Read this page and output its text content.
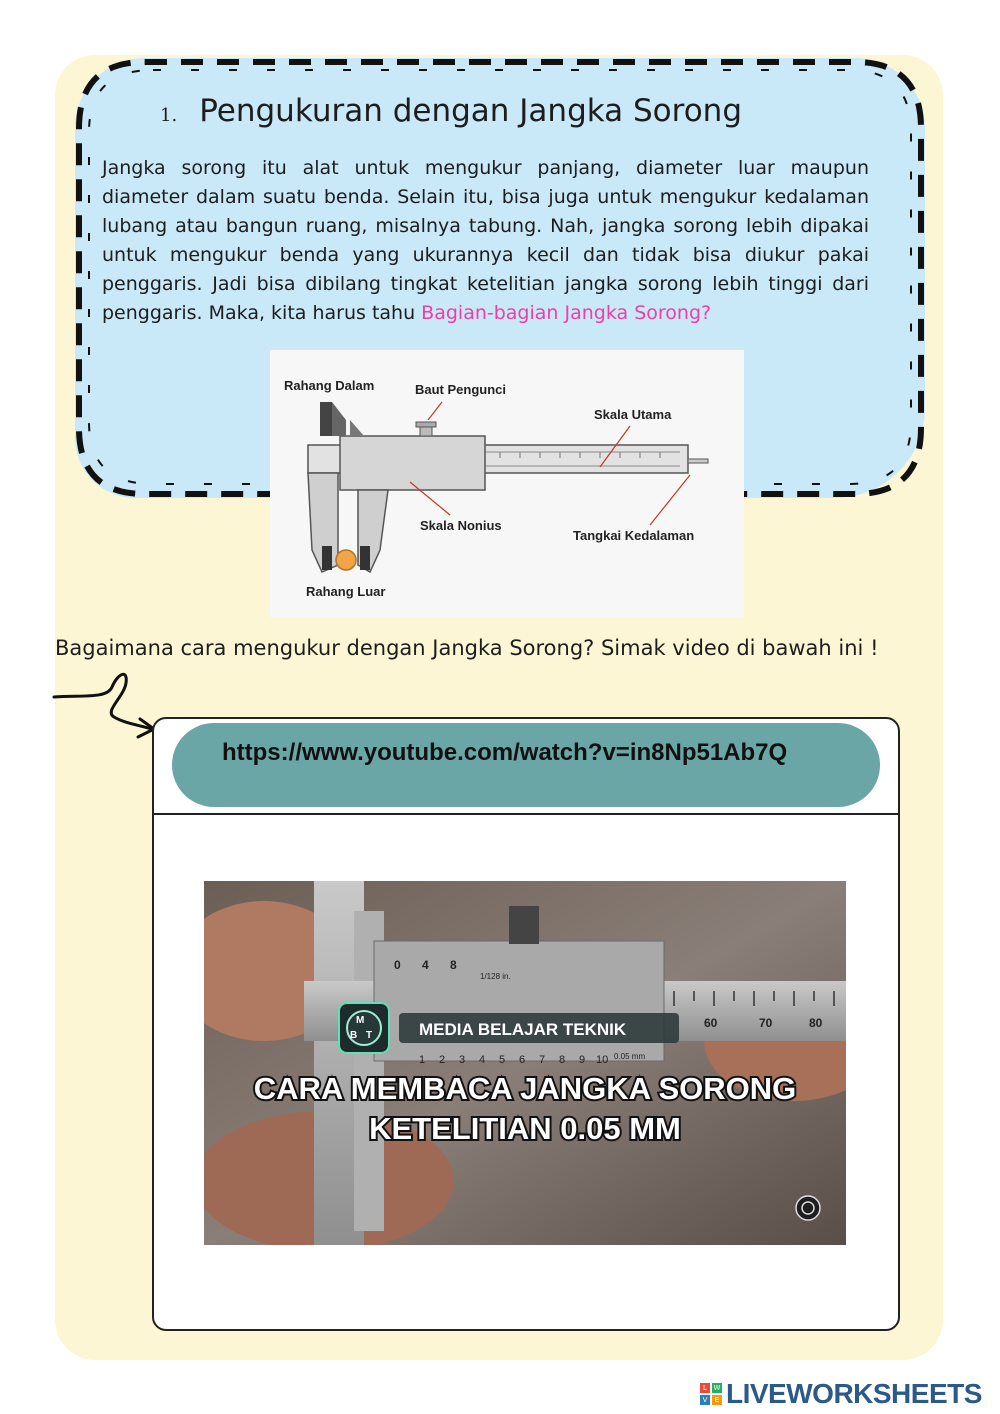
1. Pengukuran dengan Jangka Sorong
Jangka sorong itu alat untuk mengukur panjang, diameter luar maupun diameter dalam suatu benda. Selain itu, bisa juga untuk mengukur kedalaman lubang atau bangun ruang, misalnya tabung. Nah, jangka sorong lebih dipakai untuk mengukur benda yang ukurannya kecil dan tidak bisa diukur pakai penggaris. Jadi bisa dibilang tingkat ketelitian jangka sorong lebih tinggi dari penggaris. Maka, kita harus tahu Bagian-bagian Jangka Sorong?
Rahang Dalam	Baut Pengunci
Skala Utama
Skala Nonius
Tangkai Kedalaman
Rahang Luar
Bagaimana cara mengukur dengan Jangka Sorong? Simak video di bawah ini !
https://www.youtube.com/watch?v=in8Np51Ab7Q
0 4 8
1/128 in.
60	70	80
1 2 3 4 5 6 7 8 9 10 0.05 mm
M
B T	MEDIA BELAJAR TEKNIK
CARA MEMBACA JANGKA SORONG
KETELITIAN 0.05 MM
L W
V	E LIVEWORKSHEETS
